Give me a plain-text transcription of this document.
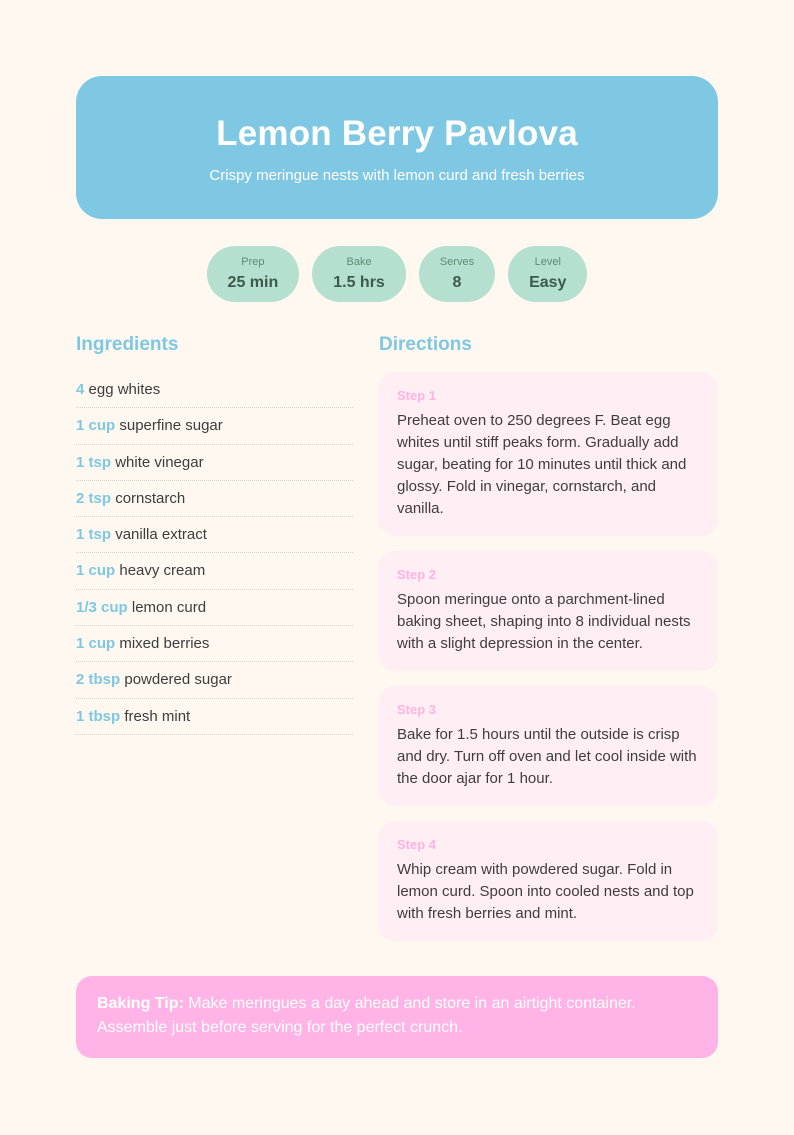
Lemon Berry Pavlova
Crispy meringue nests with lemon curd and fresh berries
Prep
25 min
Bake
1.5 hrs
Serves
8
Level
Easy
Ingredients
4 egg whites
1 cup superfine sugar
1 tsp white vinegar
2 tsp cornstarch
1 tsp vanilla extract
1 cup heavy cream
1/3 cup lemon curd
1 cup mixed berries
2 tbsp powdered sugar
1 tbsp fresh mint
Directions
Step 1
Preheat oven to 250 degrees F. Beat egg whites until stiff peaks form. Gradually add sugar, beating for 10 minutes until thick and glossy. Fold in vinegar, cornstarch, and vanilla.
Step 2
Spoon meringue onto a parchment-lined baking sheet, shaping into 8 individual nests with a slight depression in the center.
Step 3
Bake for 1.5 hours until the outside is crisp and dry. Turn off oven and let cool inside with the door ajar for 1 hour.
Step 4
Whip cream with powdered sugar. Fold in lemon curd. Spoon into cooled nests and top with fresh berries and mint.
Baking Tip: Make meringues a day ahead and store in an airtight container. Assemble just before serving for the perfect crunch.
